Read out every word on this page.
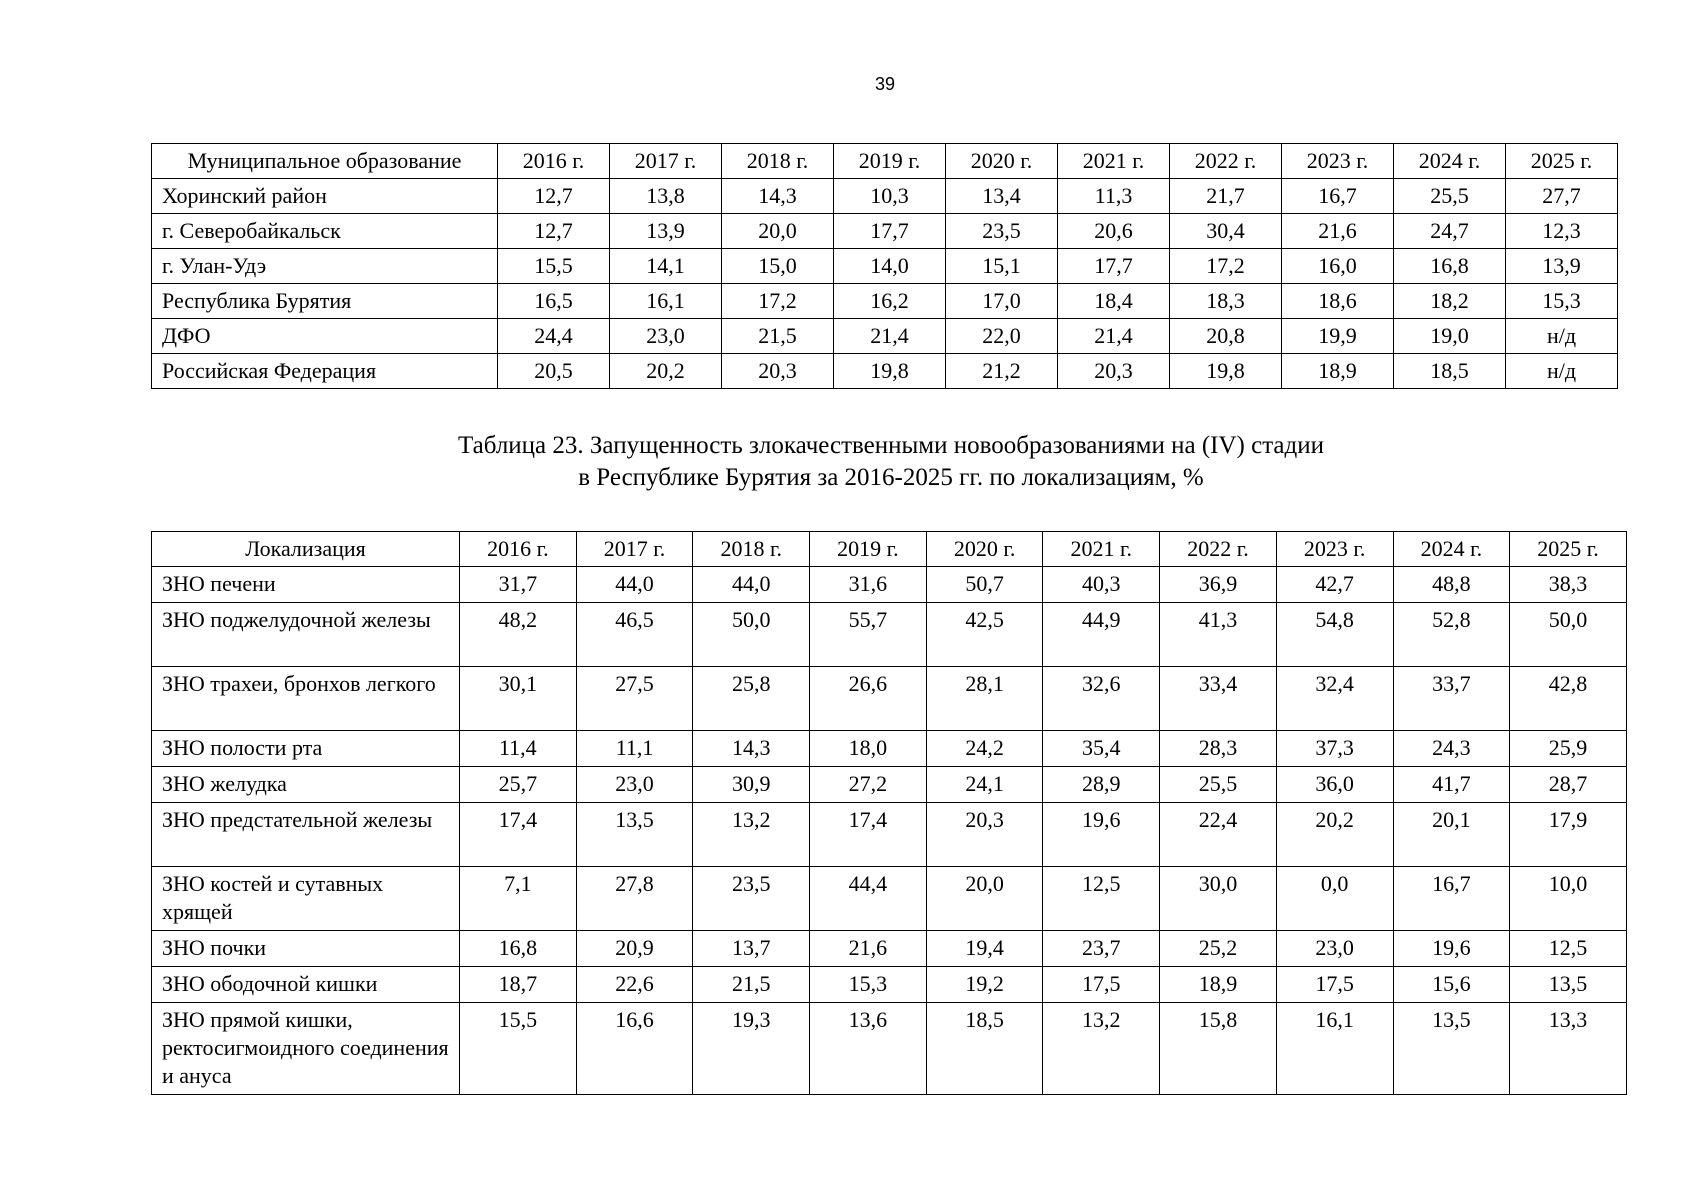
39
Муниципальное образование	2016 г.	2017 г.	2018 г.	2019 г.	2020 г.	2021 г.	2022 г.	2023 г.	2024 г.	2025 г.
Хоринский район	12,7	13,8	14,3	10,3	13,4	11,3	21,7	16,7	25,5	27,7
г. Северобайкальск	12,7	13,9	20,0	17,7	23,5	20,6	30,4	21,6	24,7	12,3
г. Улан-Удэ	15,5	14,1	15,0	14,0	15,1	17,7	17,2	16,0	16,8	13,9
Республика Бурятия	16,5	16,1	17,2	16,2	17,0	18,4	18,3	18,6	18,2	15,3
ДФО	24,4	23,0	21,5	21,4	22,0	21,4	20,8	19,9	19,0	н/д
Российская Федерация	20,5	20,2	20,3	19,8	21,2	20,3	19,8	18,9	18,5	н/д
Таблица 23. Запущенность злокачественными новообразованиями на (IV) стадии
в Республике Бурятия за 2016-2025 гг. по локализациям, %
Локализация	2016 г.	2017 г.	2018 г.	2019 г.	2020 г.	2021 г.	2022 г.	2023 г.	2024 г.	2025 г.
ЗНО печени	31,7	44,0	44,0	31,6	50,7	40,3	36,9	42,7	48,8	38,3
ЗНО поджелудочной железы	48,2	46,5	50,0	55,7	42,5	44,9	41,3	54,8	52,8	50,0
ЗНО трахеи, бронхов легкого	30,1	27,5	25,8	26,6	28,1	32,6	33,4	32,4	33,7	42,8
ЗНО полости рта	11,4	11,1	14,3	18,0	24,2	35,4	28,3	37,3	24,3	25,9
ЗНО желудка	25,7	23,0	30,9	27,2	24,1	28,9	25,5	36,0	41,7	28,7
ЗНО предстательной железы	17,4	13,5	13,2	17,4	20,3	19,6	22,4	20,2	20,1	17,9
ЗНО костей и сутавных хрящей	7,1	27,8	23,5	44,4	20,0	12,5	30,0	0,0	16,7	10,0
ЗНО почки	16,8	20,9	13,7	21,6	19,4	23,7	25,2	23,0	19,6	12,5
ЗНО ободочной кишки	18,7	22,6	21,5	15,3	19,2	17,5	18,9	17,5	15,6	13,5
ЗНО прямой кишки, ректосигмоидного соединения и ануса	15,5	16,6	19,3	13,6	18,5	13,2	15,8	16,1	13,5	13,3
